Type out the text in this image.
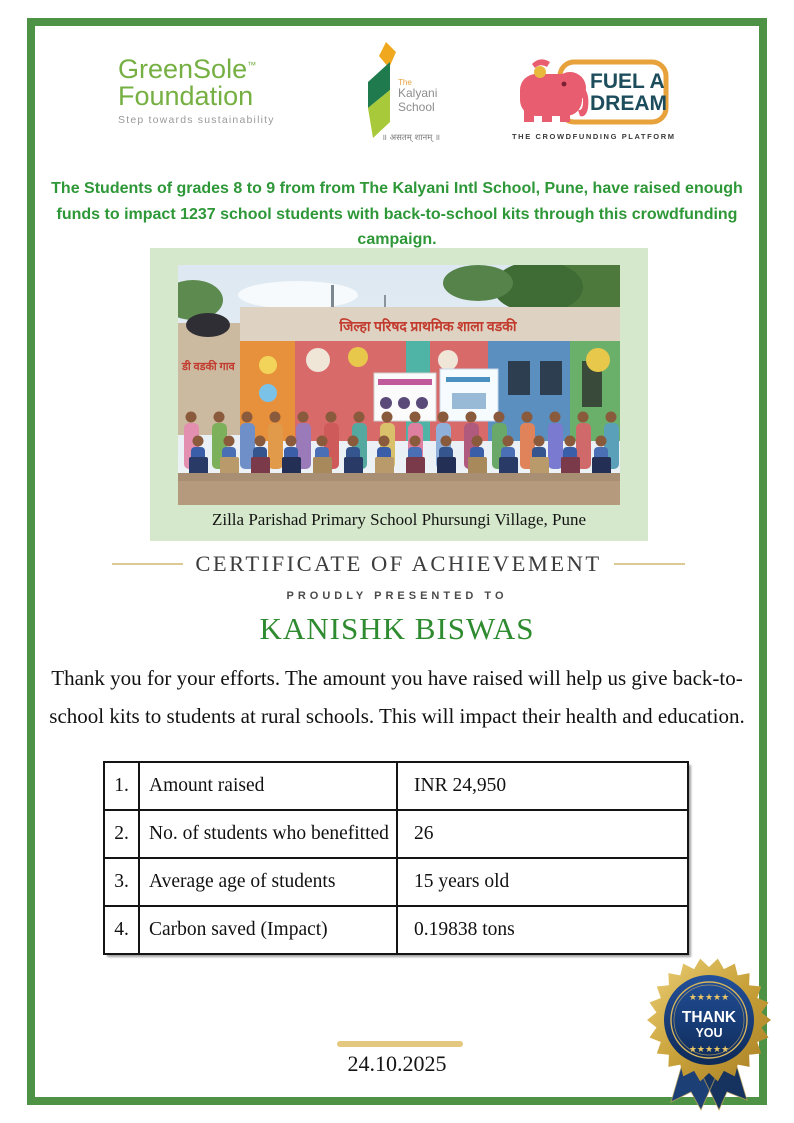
GreenSole™
Foundation
Step towards sustainability
The
Kalyani
School
॥ असतम् शानम् ॥
FUEL A
DREAM
THE CROWDFUNDING PLATFORM
The Students of grades 8 to 9 from from The Kalyani Intl School, Pune, have raised enough funds to impact 1237 school students with back-to-school kits through this crowdfunding campaign.
डी वडकी गाव
जिल्हा परिषद प्राथमिक शाला वडकी
Zilla Parishad Primary School Phursungi Village, Pune
CERTIFICATE OF ACHIEVEMENT
PROUDLY PRESENTED TO
KANISHK BISWAS
Thank you for your efforts. The amount you have raised will help us give back-to-school kits to students at rural schools. This will impact their health and education.
1.	Amount raised	INR 24,950
2.	No. of students who benefitted	26
3.	Average age of students	15 years old
4.	Carbon saved (Impact)	0.19838 tons
★★★★★
THANK
YOU
★★★★★
24.10.2025
